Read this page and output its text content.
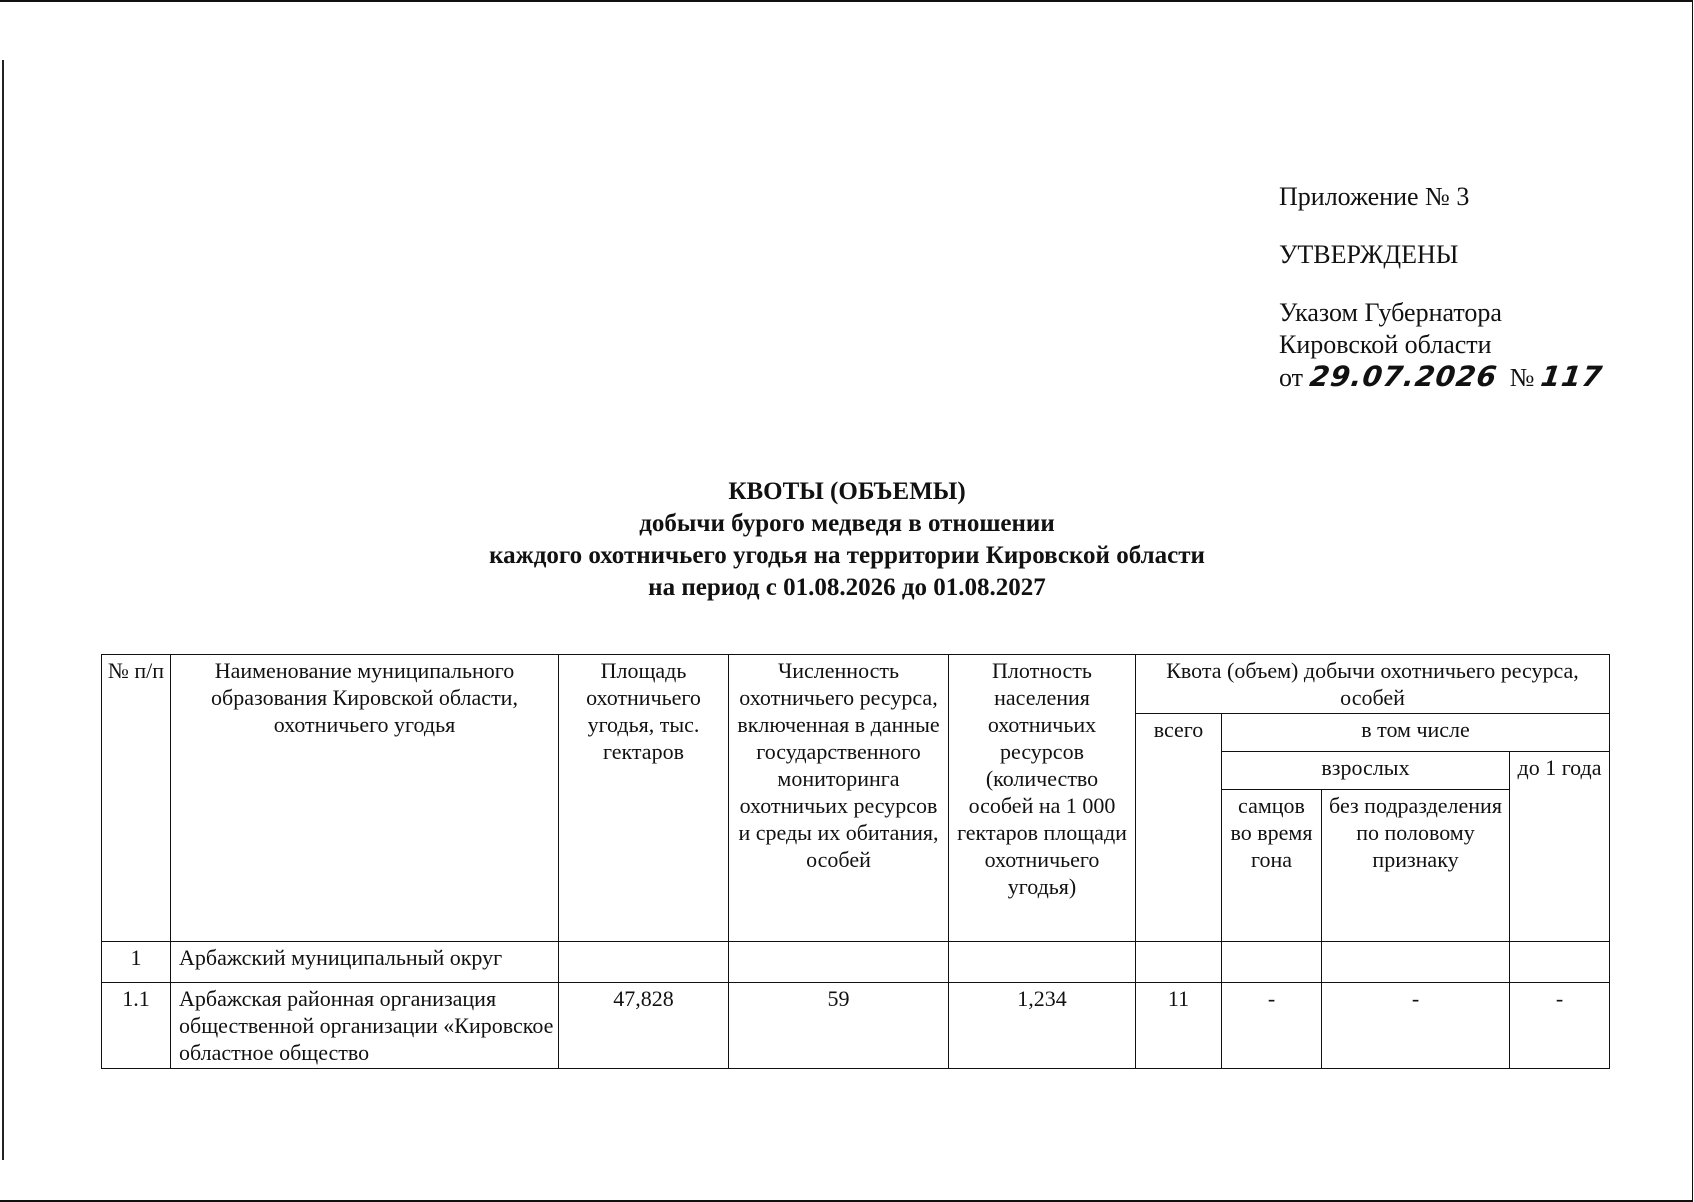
Приложение № 3
УТВЕРЖДЕНЫ
Указом Губернатора
Кировской области
от 29.07.2026 № 117
КВОТЫ (ОБЪЕМЫ)
добычи бурого медведя в отношении
каждого охотничьего угодья на территории Кировской области
на период с 01.08.2026 до 01.08.2027
№ п/п	Наименование муниципального образования Кировской области, охотничьего угодья	Площадь охотничьего угодья, тыс. гектаров	Численность охотничьего ресурса, включенная в данные государственного мониторинга охотничьих ресурсов и среды их обитания, особей	Плотность населения охотничьих ресурсов (количество особей на 1 000 гектаров площади охотничьего угодья)	Квота (объем) добычи охотничьего ресурса, особей			
					всего	в том числе		
						взрослых		до 1 года
						самцов во время гона	без подразделения по половому признаку	
1	Арбажский муниципальный округ							
1.1	Арбажская районная организация общественной организации «Кировское областное общество	47,828	59	1,234	11	-	-	-
